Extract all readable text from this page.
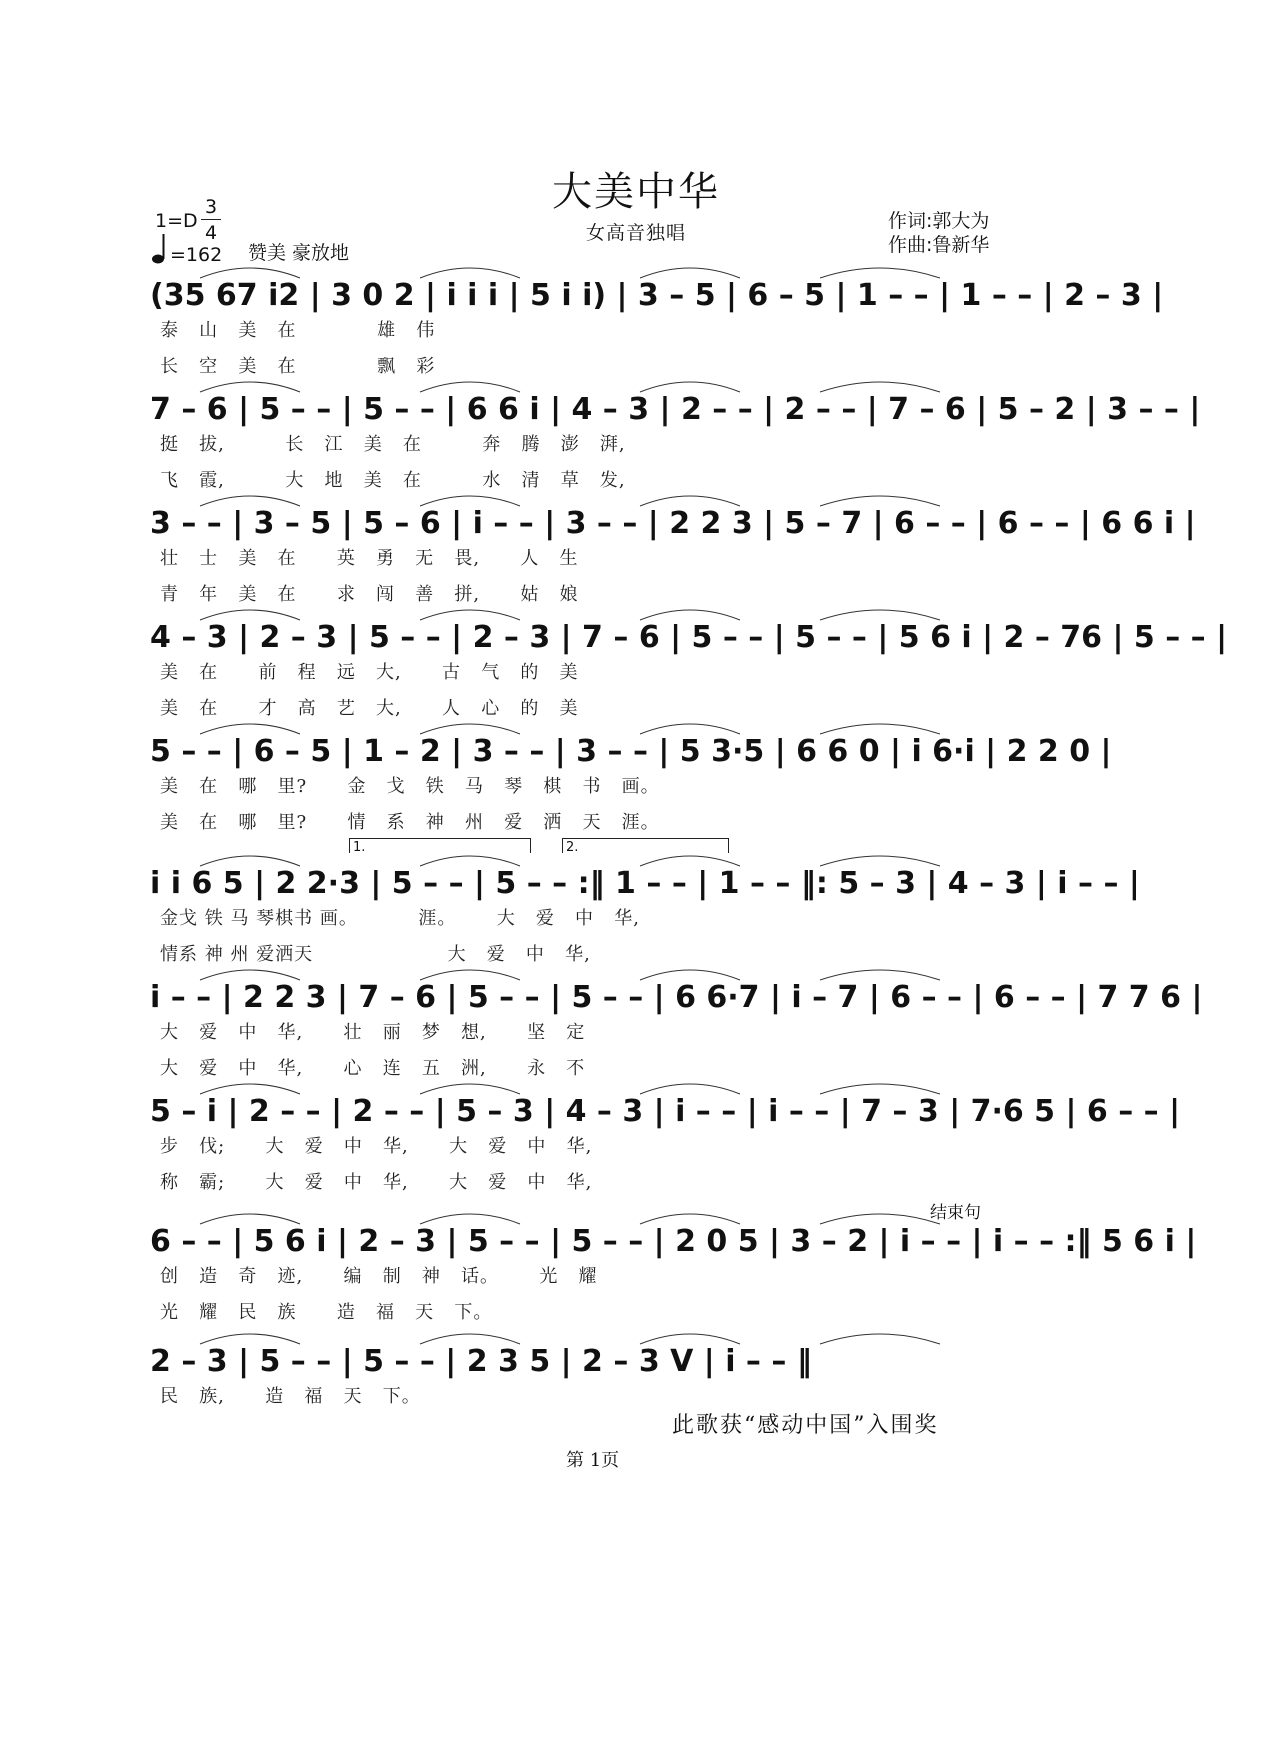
大美中华
女高音独唱
作词:郭大为
作曲:鲁新华
1=D
3
4
=162 赞美 豪放地
(35 67 i2 | 3 0 2 | i i i | 5 i i) | 3 – 5 | 6 – 5 | 1 – – | 1 – – | 2 – 3 |
泰   山   美   在            雄   伟
长   空   美   在            飘   彩
7 – 6 | 5 – – | 5 – – | 6 6 i | 4 – 3 | 2 – – | 2 – – | 7 – 6 | 5 – 2 | 3 – – |
挺   拔,         长   江   美   在         奔   腾   澎   湃,
飞   霞,         大   地   美   在         水   清   草   发,
3 – – | 3 – 5 | 5 – 6 | i – – | 3 – – | 2 2 3 | 5 – 7 | 6 – – | 6 – – | 6 6 i |
壮   士   美   在      英   勇   无   畏,      人   生
青   年   美   在      求   闯   善   拼,      姑   娘
4 – 3 | 2 – 3 | 5 – – | 2 – 3 | 7 – 6 | 5 – – | 5 – – | 5 6 i | 2 – 76 | 5 – – |
美   在      前   程   远   大,      古   气   的   美
美   在      才   高   艺   大,      人   心   的   美
5 – – | 6 – 5 | 1 – 2 | 3 – – | 3 – – | 5 3·5 | 6 6 0 | i 6·i | 2 2 0 |
美   在   哪   里?      金   戈   铁   马   琴   棋   书   画。
美   在   哪   里?      情   系   神   州   爱   洒   天   涯。
i i 6 5 | 2 2·3 | 5 – – | 5 – – :‖ 1 – – | 1 – – ‖: 5 – 3 | 4 – 3 | i – – |
金戈 铁 马 琴棋书 画。         涯。      大   爱   中   华,
情系 神 州 爱洒天                    大   爱   中   华,
i – – | 2 2 3 | 7 – 6 | 5 – – | 5 – – | 6 6·7 | i – 7 | 6 – – | 6 – – | 7 7 6 |
大   爱   中   华,      壮   丽   梦   想,      坚   定
大   爱   中   华,      心   连   五   洲,      永   不
5 – i | 2 – – | 2 – – | 5 – 3 | 4 – 3 | i – – | i – – | 7 – 3 | 7·6 5 | 6 – – |
步   伐;      大   爱   中   华,      大   爱   中   华,
称   霸;      大   爱   中   华,      大   爱   中   华,
6 – – | 5 6 i | 2 – 3 | 5 – – | 5 – – | 2 0 5 | 3 – 2 | i – – | i – – :‖ 5 6 i |
创   造   奇   迹,      编   制   神   话。      光   耀
光   耀   民   族      造   福   天   下。
2 – 3 | 5 – – | 5 – – | 2 3 5 | 2 – 3 V | i – – ‖
民   族,      造   福   天   下。
结束句
1.	2.
此歌获“感动中国”入围奖
第 1页
